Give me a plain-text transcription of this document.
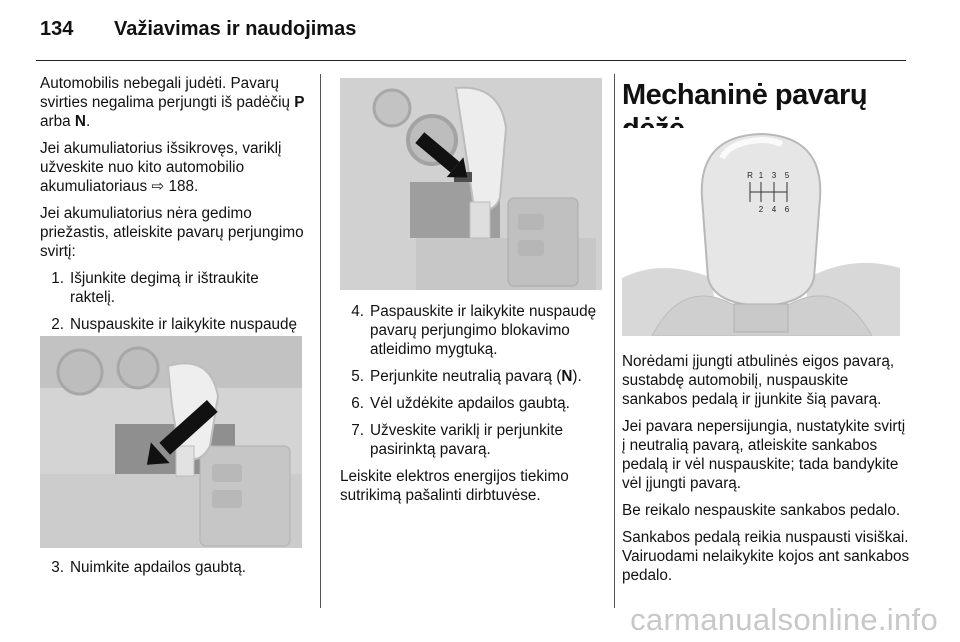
134 Važiavimas ir naudojimas

Automobilis nebegali judėti. Pavarų svirties negalima perjungti iš padėčių P arba N.

Jei akumuliatorius išsikrovęs, variklį užveskite nuo kito automobilio akumuliatoriaus ⇨ 188.

Jei akumuliatorius nėra gedimo priežastis, atleiskite pavarų perjungimo svirtį:

1. Išjunkite degimą ir ištraukite raktelį.
2. Nuspauskite ir laikykite nuspaudę
3. Nuimkite apdailos gaubtą.
4. Paspauskite ir laikykite nuspaudę pavarų perjungimo blokavimo atleidimo mygtuką.
5. Perjunkite neutralią pavarą (N).
6. Vėl uždėkite apdailos gaubtą.
7. Užveskite variklį ir perjunkite pasirinktą pavarą.

Leiskite elektros energijos tiekimo sutrikimą pašalinti dirbtuvėse.

Mechaninė pavarų

R 1 3 5
2 4 6

Norėdami įjungti atbulinės eigos pavarą, sustabdę automobilį, nuspauskite sankabos pedalą ir įjunkite šią pavarą.

Jei pavara nepersijungia, nustatykite svirtį į neutralią pavarą, atleiskite sankabos pedalą ir vėl nuspauskite; tada bandykite vėl įjungti pavarą.

Be reikalo nespauskite sankabos pedalo.

Sankabos pedalą reikia nuspausti visiškai. Vairuodami nelaikykite kojos ant sankabos pedalo.

carmanualsonline.info
